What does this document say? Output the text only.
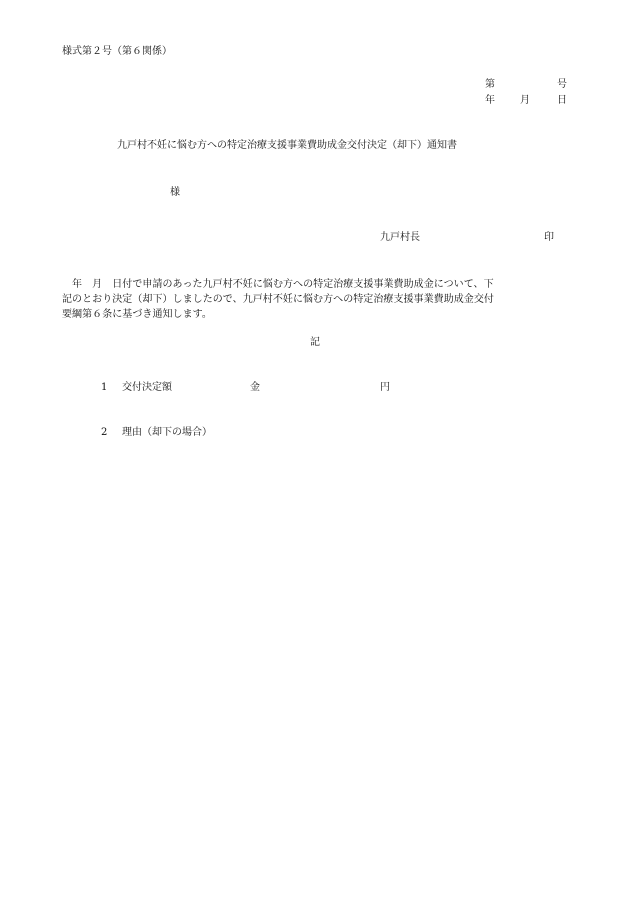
様式第２号（第６関係）
第	号
年	月	日
九戸村不妊に悩む方への特定治療支援事業費助成金交付決定（却下）通知書
様
九戸村長	印
　年　月　日付で申請のあった九戸村不妊に悩む方への特定治療支援事業費助成金について、下
記のとおり決定（却下）しましたので、九戸村不妊に悩む方への特定治療支援事業費助成金交付
要綱第６条に基づき通知します。
記
1 交付決定額	金	円
2 理由（却下の場合）
